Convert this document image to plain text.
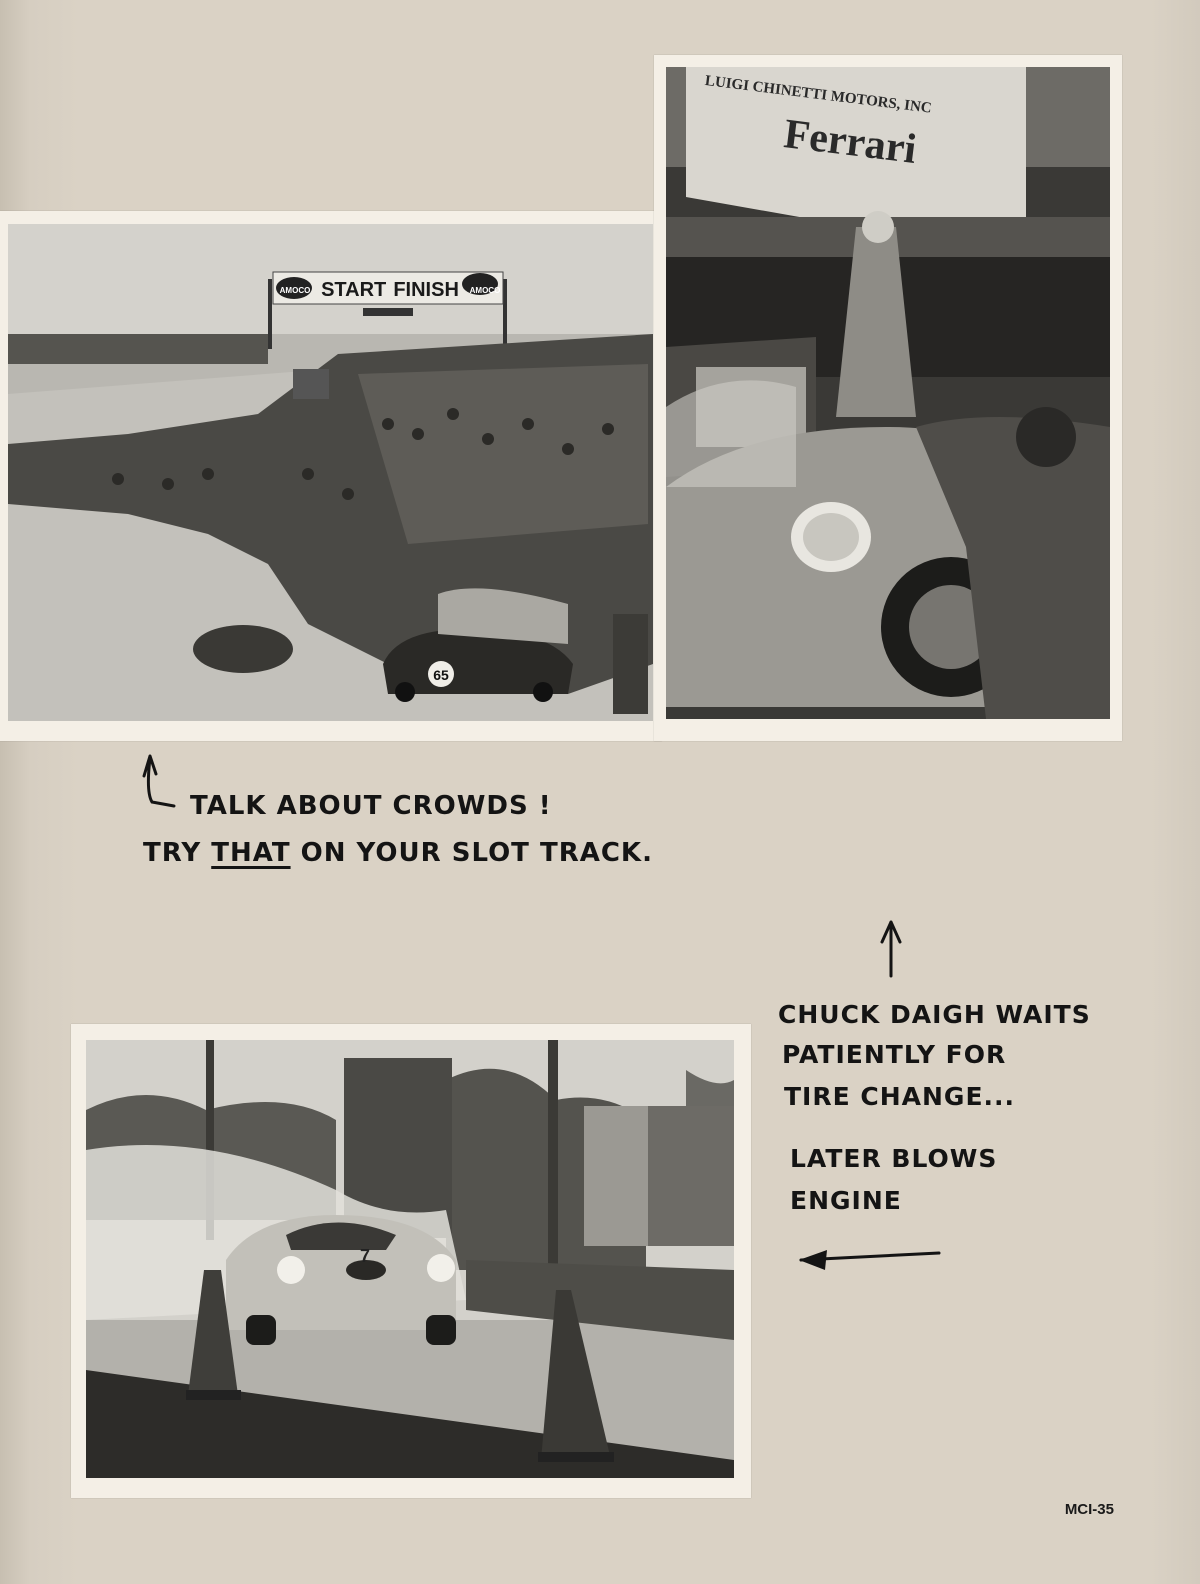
65
AMOCO START FINISH	AMOCO
LUIGI CHINETTI MOTORS, INC
Ferrari
7
TALK ABOUT CROWDS !
TRY THAT ON YOUR SLOT TRACK.
CHUCK DAIGH WAITS
PATIENTLY FOR
TIRE CHANGE...
LATER BLOWS
ENGINE
MCI-35
